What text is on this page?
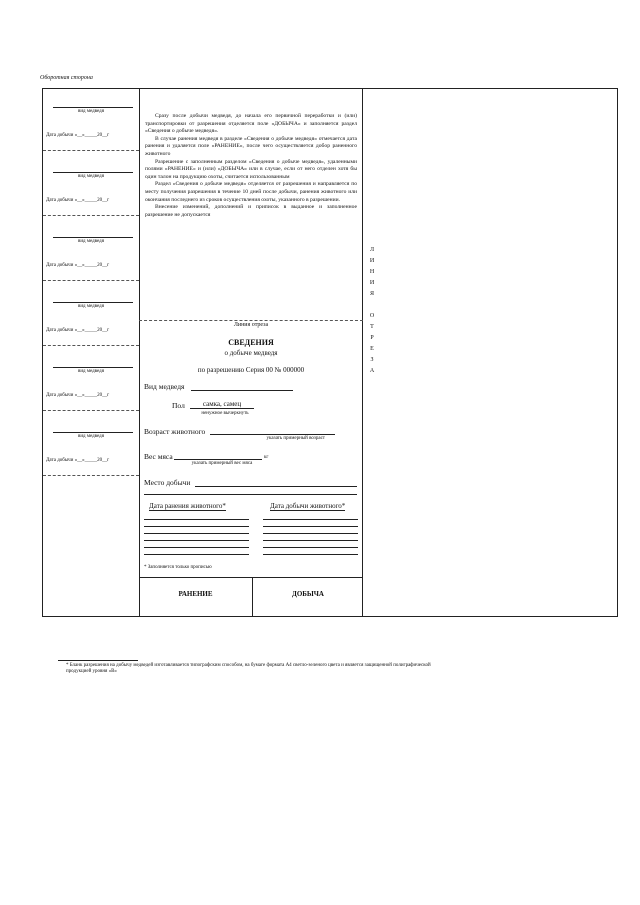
Оборотная сторона
вид медведя
Дата добычи «__»_____20__г
вид медведя
Дата добычи «__»_____20__г
вид медведя
Дата добычи «__»_____20__г
вид медведя
Дата добычи «__»_____20__г
вид медведя
Дата добычи «__»_____20__г
вид медведя
Дата добычи «__»_____20__г

Сразу после добычи медведя, до начала его первичной переработки и (или) транспортировки от разрешения отделяется поле «ДОБЫЧА» и заполняется раздел «Сведения о добыче медведя».

В случае ранения медведя в разделе «Сведения о добыче медведя» отмечается дата ранения и удаляется поле «РАНЕНИЕ», после чего осуществляется добор раненного животного

Разрешение с заполненным разделом «Сведения о добыче медведя», удаленными полями «РАНЕНИЕ» и (или) «ДОБЫЧА» или в случае, если от него отделен хотя бы один талон на продукцию охоты, считается использованным

Раздел «Сведения о добыче медведя» отделяется от разрешения и направляется по месту получения разрешения в течение 10 дней после добычи, ранения животного или окончания последнего из сроков осуществления охоты, указанного в разрешении.

Внесение изменений, дополнений и приписок в выданное и заполненное разрешение не допускается

Линия отреза
СВЕДЕНИЯ
о добыче медведя
по разрешению Серия 00 № 000000
Вид медведя
Пол	самка, самец
ненужное вычеркнуть
Возраст животного
указать примерный возраст
Вес мяса	кг
указать примерный вес мяса
Место добычи
Дата ранения животного*	Дата добычи животного*
* Заполняется только прописью
РАНЕНИЕ	ДОБЫЧА
Л
И
Н
И
Я

О
Т
Р
Е
З
А
* Бланк разрешения на добычу медведей изготавливается типографским способом, на бумаге формата А4 светло-зеленого цвета и является защищенной полиграфической продукцией уровня «В»
